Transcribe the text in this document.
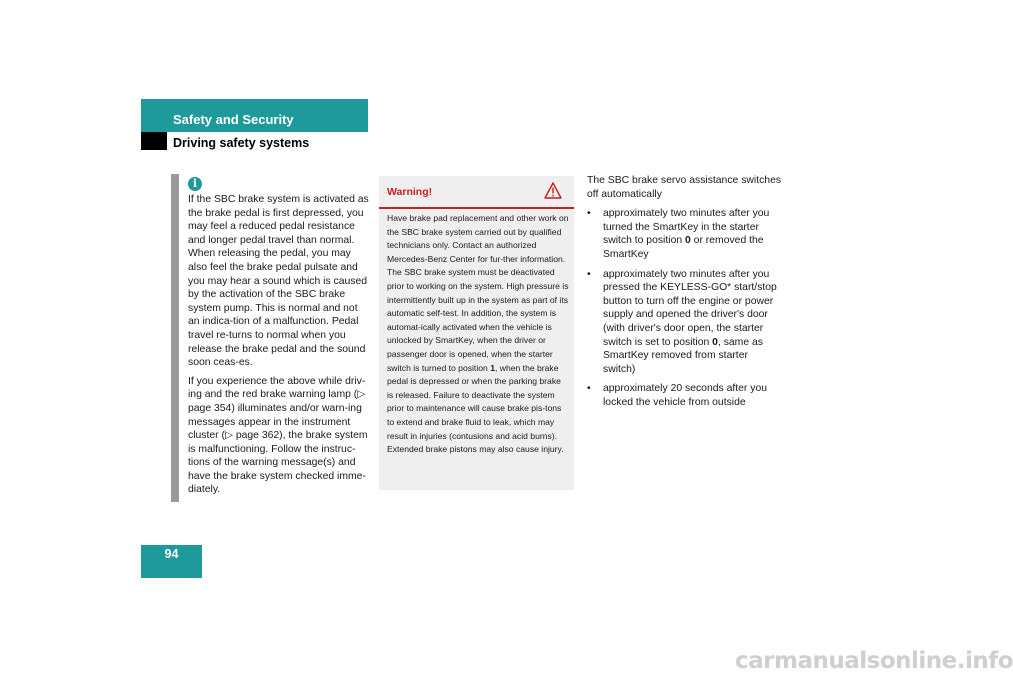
Safety and Security
Driving safety systems
i

If the SBC brake system is activated as the brake pedal is first depressed, you may feel a reduced pedal resistance and longer pedal travel than normal. When releasing the pedal, you may also feel the brake pedal pulsate and you may hear a sound which is caused by the activation of the SBC brake system pump. This is normal and not an indica-tion of a malfunction. Pedal travel re-turns to normal when you release the brake pedal and the sound soon ceas-es.

If you experience the above while driv-ing and the red brake warning lamp (▷ page 354) illuminates and/or warn-ing messages appear in the instrument cluster (▷ page 362), the brake system is malfunctioning. Follow the instruc-tions of the warning message(s) and have the brake system checked imme-diately.

Warning!
Have brake pad replacement and other work on the SBC brake system carried out by qualified technicians only. Contact an authorized Mercedes-Benz Center for fur-ther information. The SBC brake system must be deactivated prior to working on the system. High pressure is intermittently built up in the system as part of its automatic self-test. In addition, the system is automat-ically activated when the vehicle is unlocked by SmartKey, when the driver or passenger door is opened, when the starter switch is turned to position 1, when the brake pedal is depressed or when the parking brake is released. Failure to deactivate the system prior to maintenance will cause brake pis-tons to extend and brake fluid to leak, which may result in injuries (contusions and acid burns). Extended brake pistons may also cause injury.

The SBC brake servo assistance switches off automatically

• approximately two minutes after you turned the SmartKey in the starter switch to position 0 or removed the SmartKey
• approximately two minutes after you pressed the KEYLESS-GO* start/stop button to turn off the engine or power supply and opened the driver's door (with driver's door open, the starter switch is set to position 0, same as SmartKey removed from starter switch)
• approximately 20 seconds after you locked the vehicle from outside
94
carmanualsonline.info
